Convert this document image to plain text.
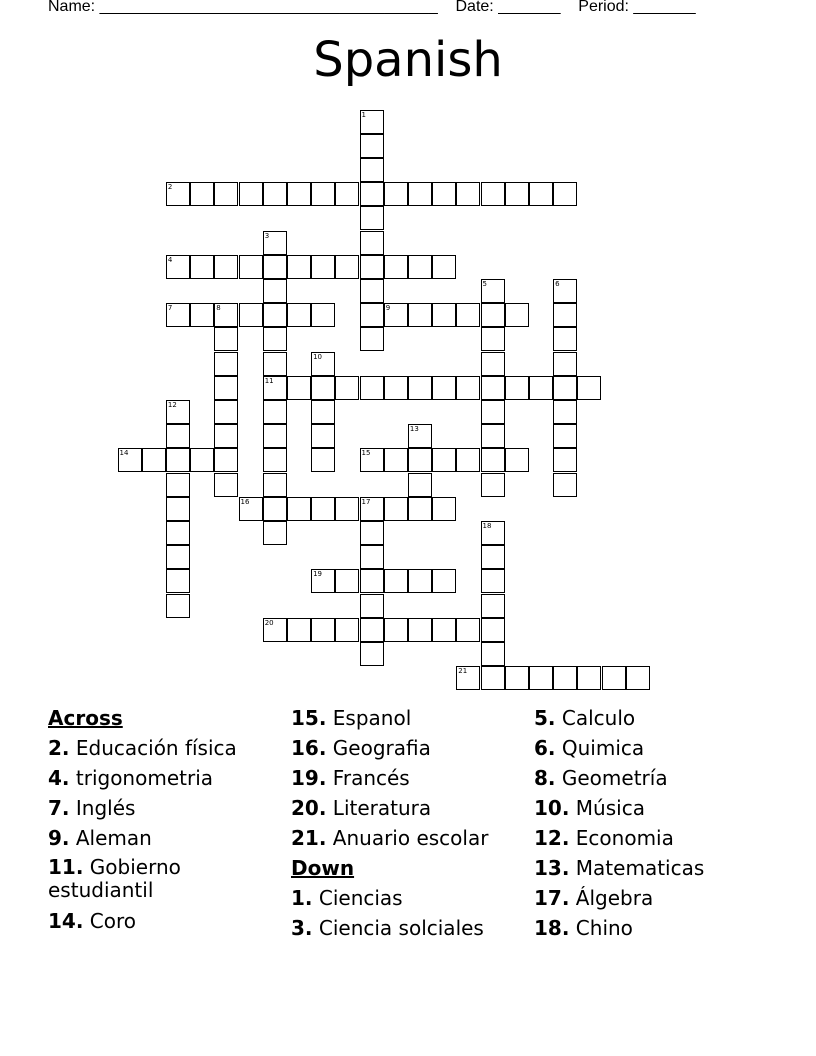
Name: ______________________________________ Date: _______ Period: _______
Spanish
1
2
3
11
4
5	6
7	8	9
10
12
13
14	15
16	17
18
19
20
21

Across

2. Educación física

4. trigonometria

7. Inglés

9. Aleman

11. Gobierno estudiantil

14. Coro

15. Espanol

16. Geografia

19. Francés

20. Literatura

21. Anuario escolar

Down

1. Ciencias

3. Ciencia solciales

5. Calculo

6. Quimica

8. Geometría

10. Música

12. Economia

13. Matematicas

17. Álgebra

18. Chino
